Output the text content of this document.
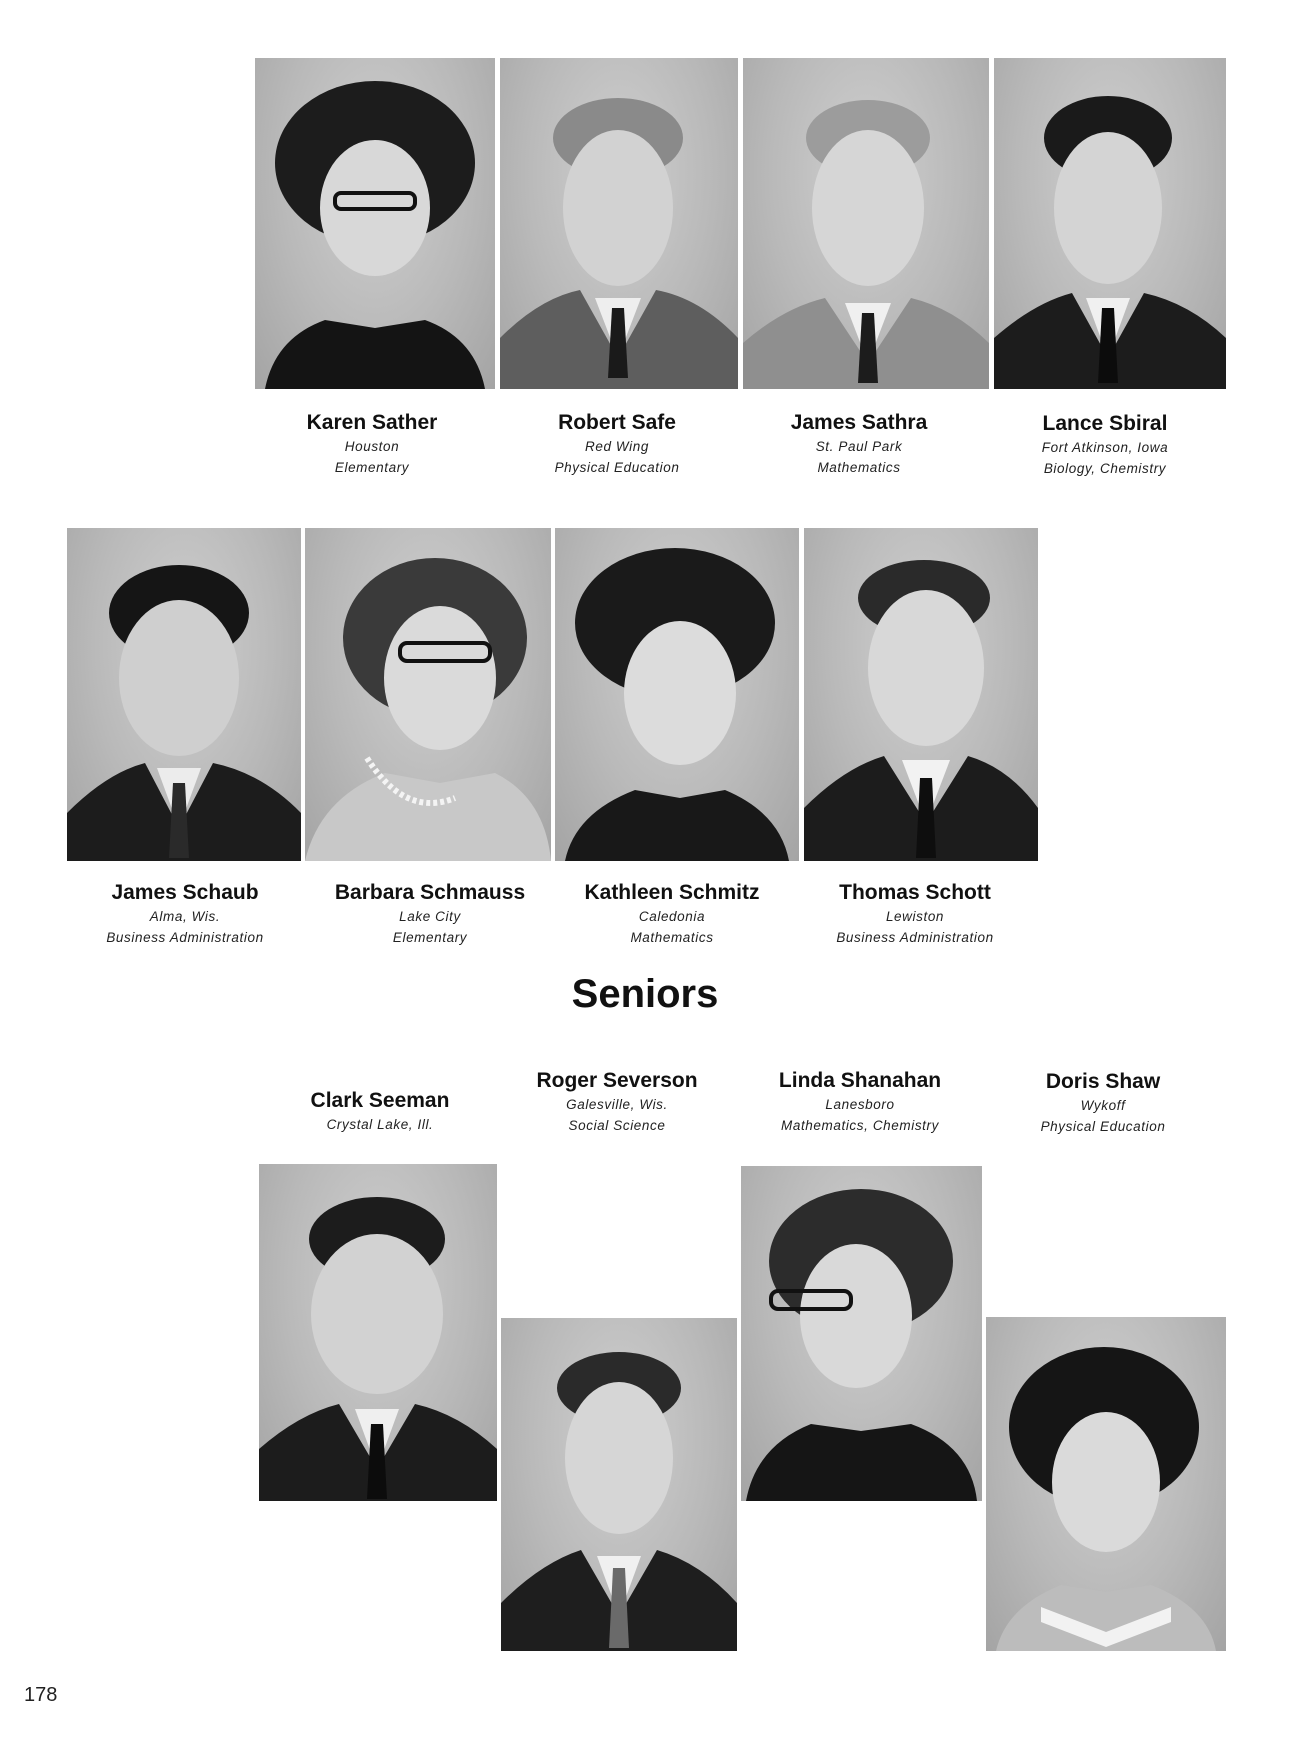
Karen Sather
Houston
Elementary
Robert Safe
Red Wing
Physical Education
James Sathra
St. Paul Park
Mathematics
Lance Sbiral
Fort Atkinson, Iowa
Biology, Chemistry
James Schaub
Alma, Wis.
Business Administration
Barbara Schmauss
Lake City
Elementary
Kathleen Schmitz
Caledonia
Mathematics
Thomas Schott
Lewiston
Business Administration
Seniors
Clark Seeman
Crystal Lake, Ill.
Roger Severson
Galesville, Wis.
Social Science
Linda Shanahan
Lanesboro
Mathematics, Chemistry
Doris Shaw
Wykoff
Physical Education
178
